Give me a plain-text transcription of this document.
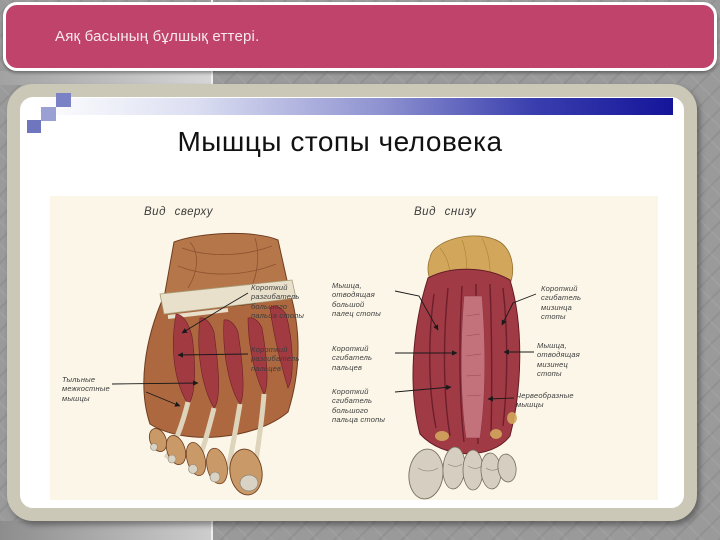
Аяқ басының бұлшық еттері.
Мышцы стопы человека
Вид сверху	Вид снизу
Короткий разгибатель большого пальца стопы
Короткий разгибатель пальцев
Тыльные межкостные мышцы
Мышца, отводящая большой палец стопы
Короткий сгибатель пальцев
Короткий сгибатель большого пальца стопы
Короткий сгибатель мизинца стопы
Мышца, отводящая мизинец стопы
Червеобразные мышцы
